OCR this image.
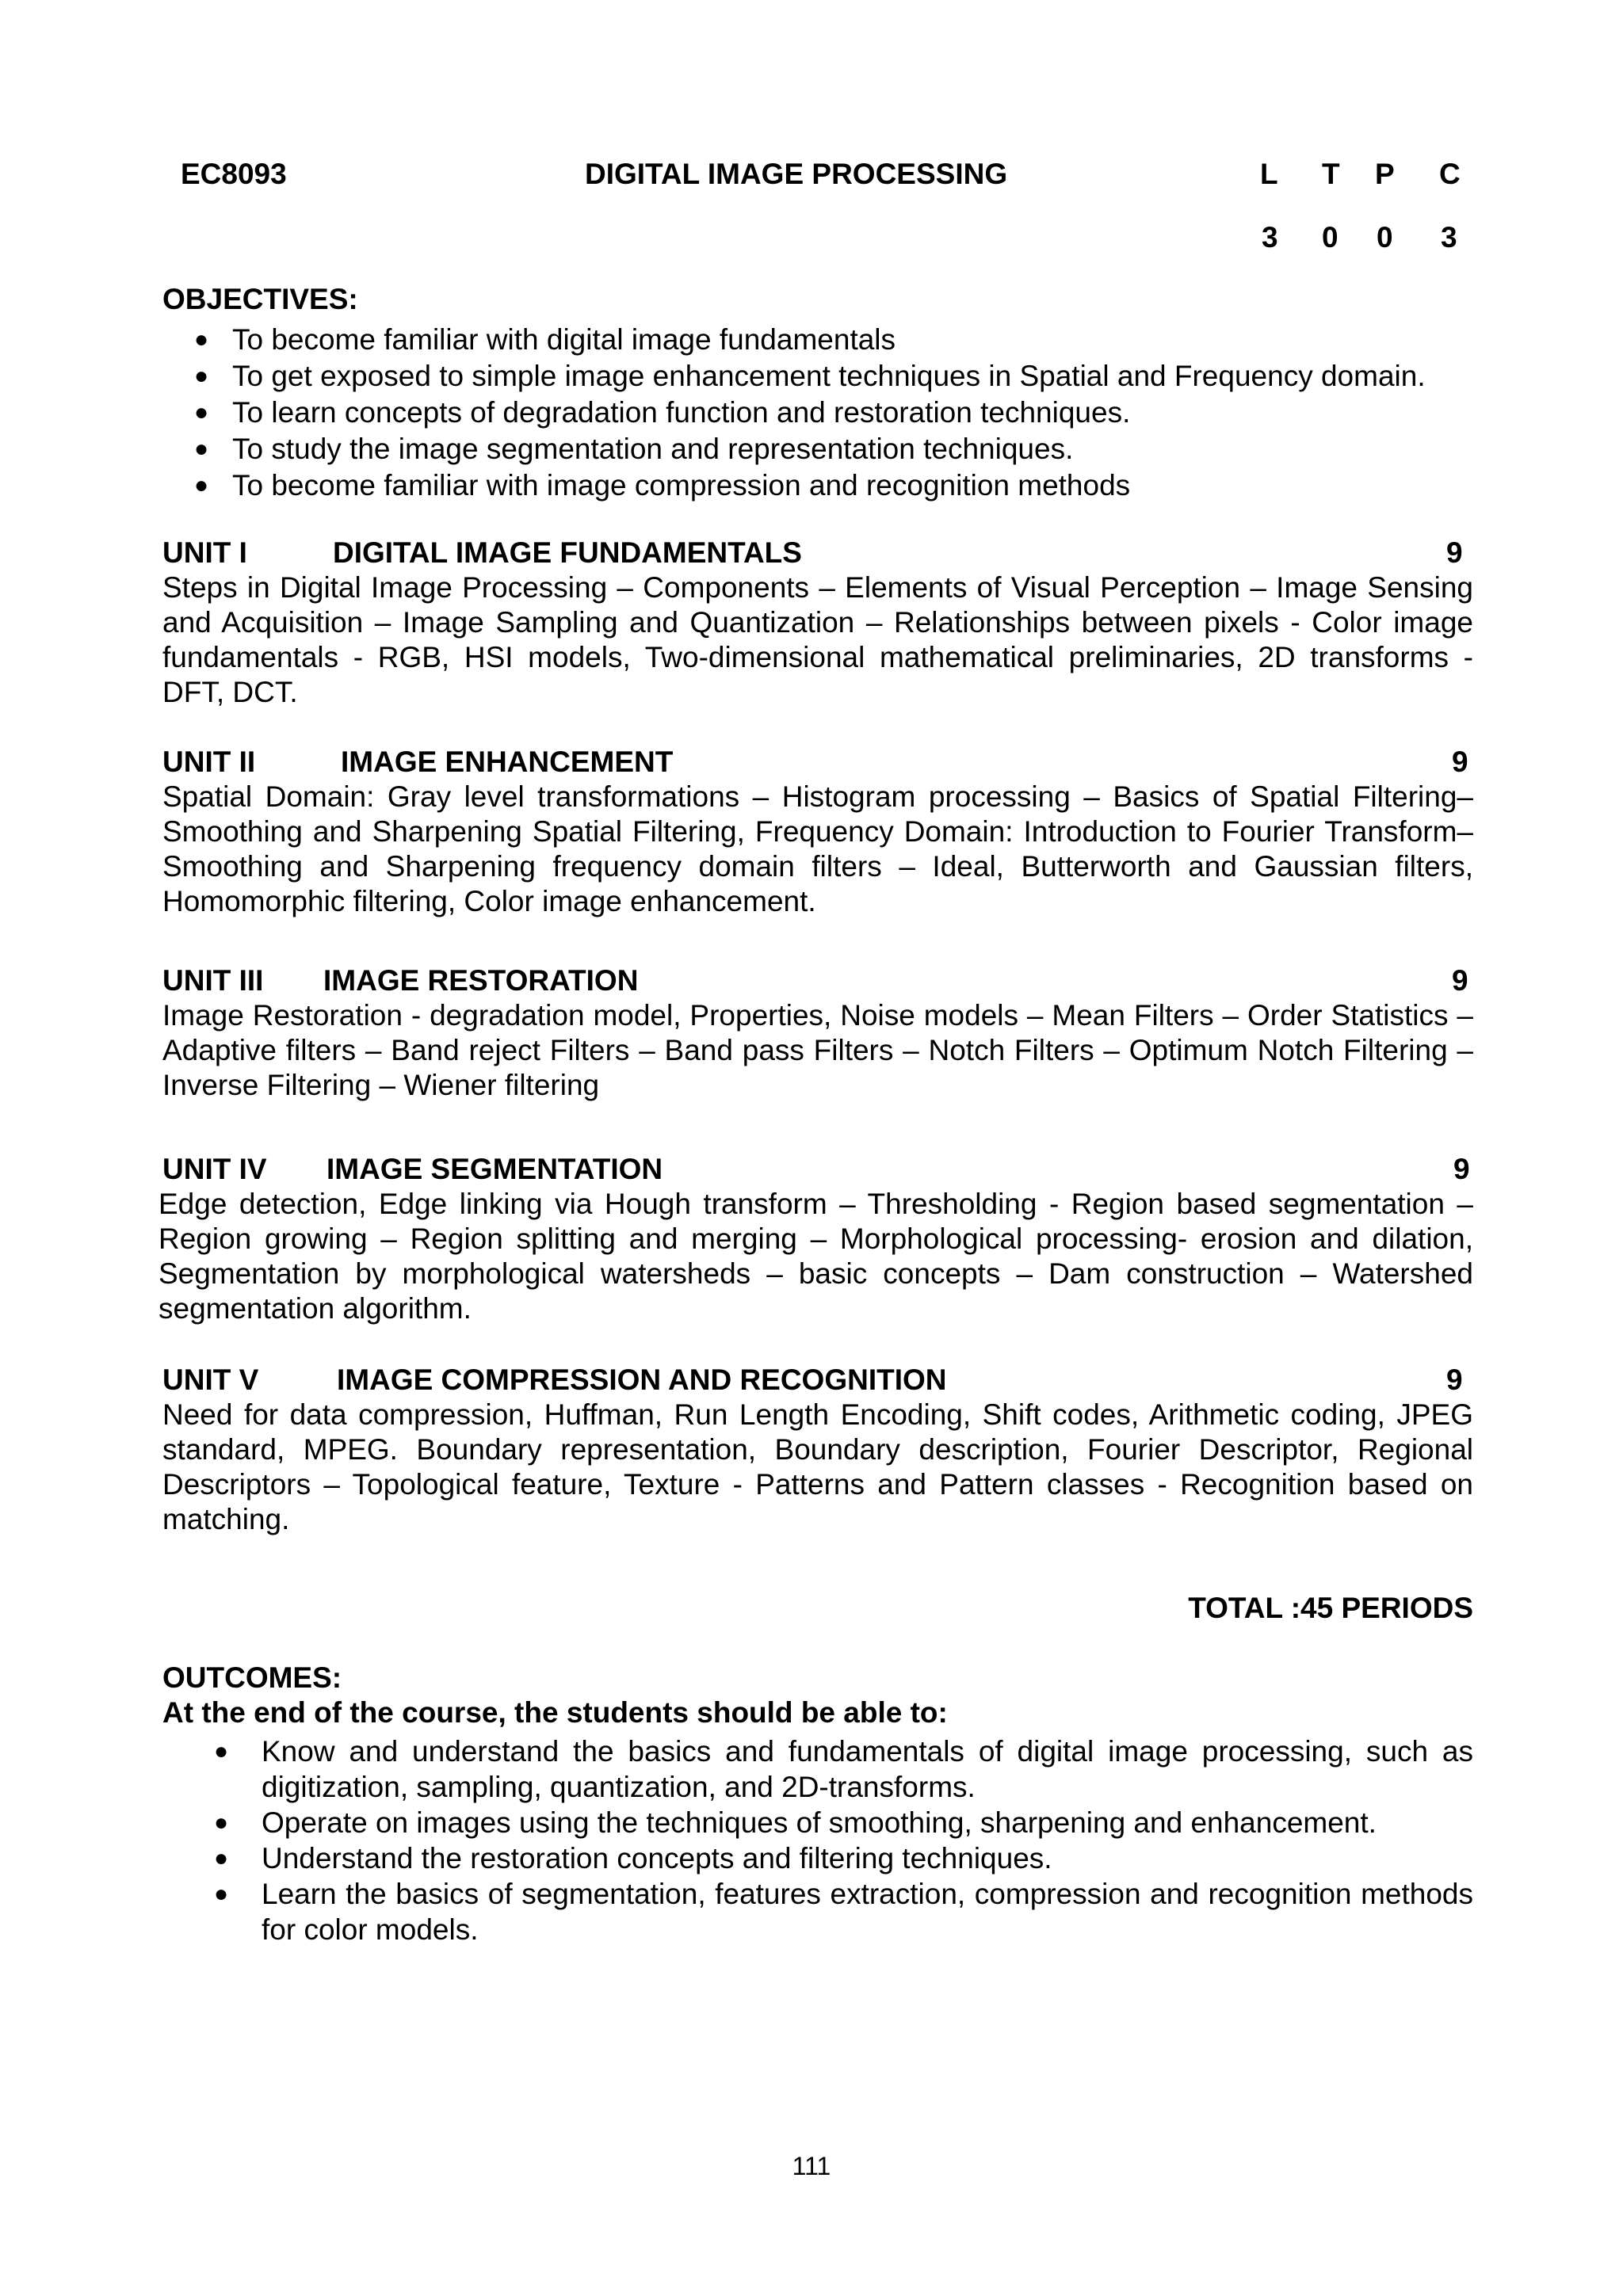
EC8093	DIGITAL IMAGE PROCESSING	L T P C
3 0 0 3
OBJECTIVES:
● To become familiar with digital image fundamentals
● To get exposed to simple image enhancement techniques in Spatial and Frequency domain.
● To learn concepts of degradation function and restoration techniques.
● To study the image segmentation and representation techniques.
● To become familiar with image compression and recognition methods
UNIT I	DIGITAL IMAGE FUNDAMENTALS	9
Steps in Digital Image Processing – Components – Elements of Visual Perception – Image Sensing and Acquisition – Image Sampling and Quantization – Relationships between pixels - Color image fundamentals - RGB, HSI models, Two-dimensional mathematical preliminaries, 2D transforms - DFT, DCT.
UNIT II	IMAGE ENHANCEMENT	9
Spatial Domain: Gray level transformations – Histogram processing – Basics of Spatial Filtering– Smoothing and Sharpening Spatial Filtering, Frequency Domain: Introduction to Fourier Transform– Smoothing and Sharpening frequency domain filters – Ideal, Butterworth and Gaussian filters, Homomorphic filtering, Color image enhancement.
UNIT III IMAGE RESTORATION	9
Image Restoration - degradation model, Properties, Noise models – Mean Filters – Order Statistics – Adaptive filters – Band reject Filters – Band pass Filters – Notch Filters – Optimum Notch Filtering – Inverse Filtering – Wiener filtering
UNIT IV IMAGE SEGMENTATION	9
Edge detection, Edge linking via Hough transform – Thresholding - Region based segmentation – Region growing – Region splitting and merging – Morphological processing- erosion and dilation, Segmentation by morphological watersheds – basic concepts – Dam construction – Watershed segmentation algorithm.
UNIT V	IMAGE COMPRESSION AND RECOGNITION	9
Need for data compression, Huffman, Run Length Encoding, Shift codes, Arithmetic coding, JPEG standard, MPEG. Boundary representation, Boundary description, Fourier Descriptor, Regional Descriptors – Topological feature, Texture - Patterns and Pattern classes - Recognition based on matching.
TOTAL :45 PERIODS
OUTCOMES:
At the end of the course, the students should be able to:
● Know and understand the basics and fundamentals of digital image processing, such as digitization, sampling, quantization, and 2D-transforms.
● Operate on images using the techniques of smoothing, sharpening and enhancement.
● Understand the restoration concepts and filtering techniques.
● Learn the basics of segmentation, features extraction, compression and recognition methods for color models.
111
